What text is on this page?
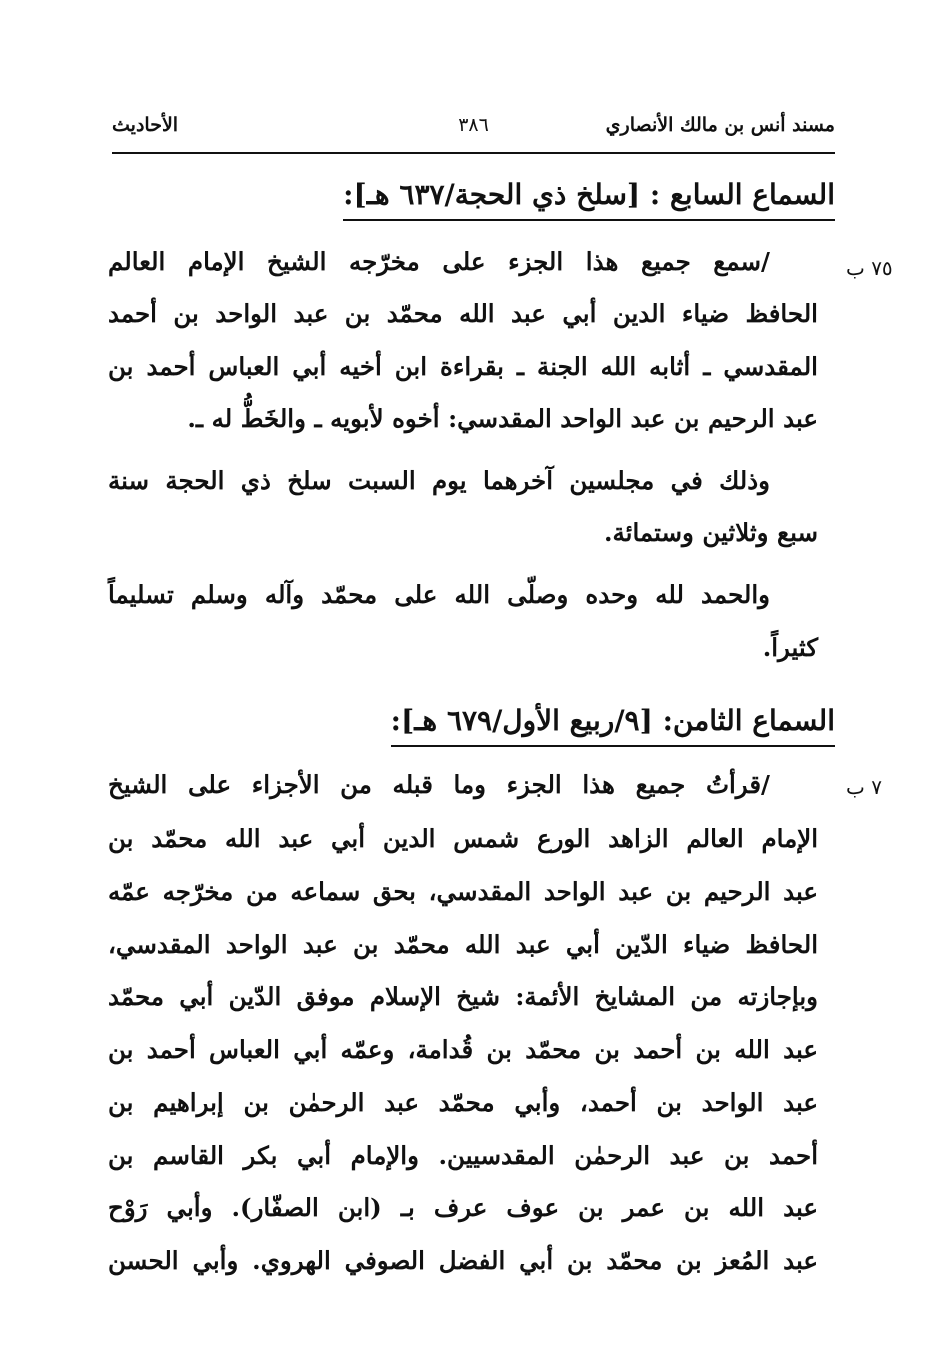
مسند أنس بن مالك الأنصاري
٣٨٦
الأحاديث
السماع السابع : [سلخ ذي الحجة/٦٣٧ هـ]:
٧٥ ب
/سمع جميع هذا الجزء على مخرّجه الشيخ الإمام العالم
الحافظ ضياء الدين أبي عبد الله محمّد بن عبد الواحد بن أحمد
المقدسي ـ أثابه الله الجنة ـ بقراءة ابن أخيه أبي العباس أحمد بن
عبد الرحيم بن عبد الواحد المقدسي: أخوه لأبويه ـ والخَطُّ له ـ.
وذلك في مجلسين آخرهما يوم السبت سلخ ذي الحجة سنة
سبع وثلاثين وستمائة.
والحمد لله وحده وصلّى الله على محمّد وآله وسلم تسليماً
كثيراً.
السماع الثامن: [٩/ربيع الأول/٦٧٩ هـ]:
٧ ب
/قرأتُ جميع هذا الجزء وما قبله من الأجزاء على الشيخ
الإمام العالم الزاهد الورع شمس الدين أبي عبد الله محمّد بن
عبد الرحيم بن عبد الواحد المقدسي، بحق سماعه من مخرّجه عمّه
الحافظ ضياء الدّين أبي عبد الله محمّد بن عبد الواحد المقدسي،
وبإجازته من المشايخ الأئمة: شيخ الإسلام موفق الدّين أبي محمّد
عبد الله بن أحمد بن محمّد بن قُدامة، وعمّه أبي العباس أحمد بن
عبد الواحد بن أحمد، وأبي محمّد عبد الرحمٰن بن إبراهيم بن
أحمد بن عبد الرحمٰن المقدسيين. والإمام أبي بكر القاسم بن
عبد الله بن عمر بن عوف عرف بـ (ابن الصفّار). وأبي رَوْح
عبد المُعز بن محمّد بن أبي الفضل الصوفي الهروي. وأبي الحسن
